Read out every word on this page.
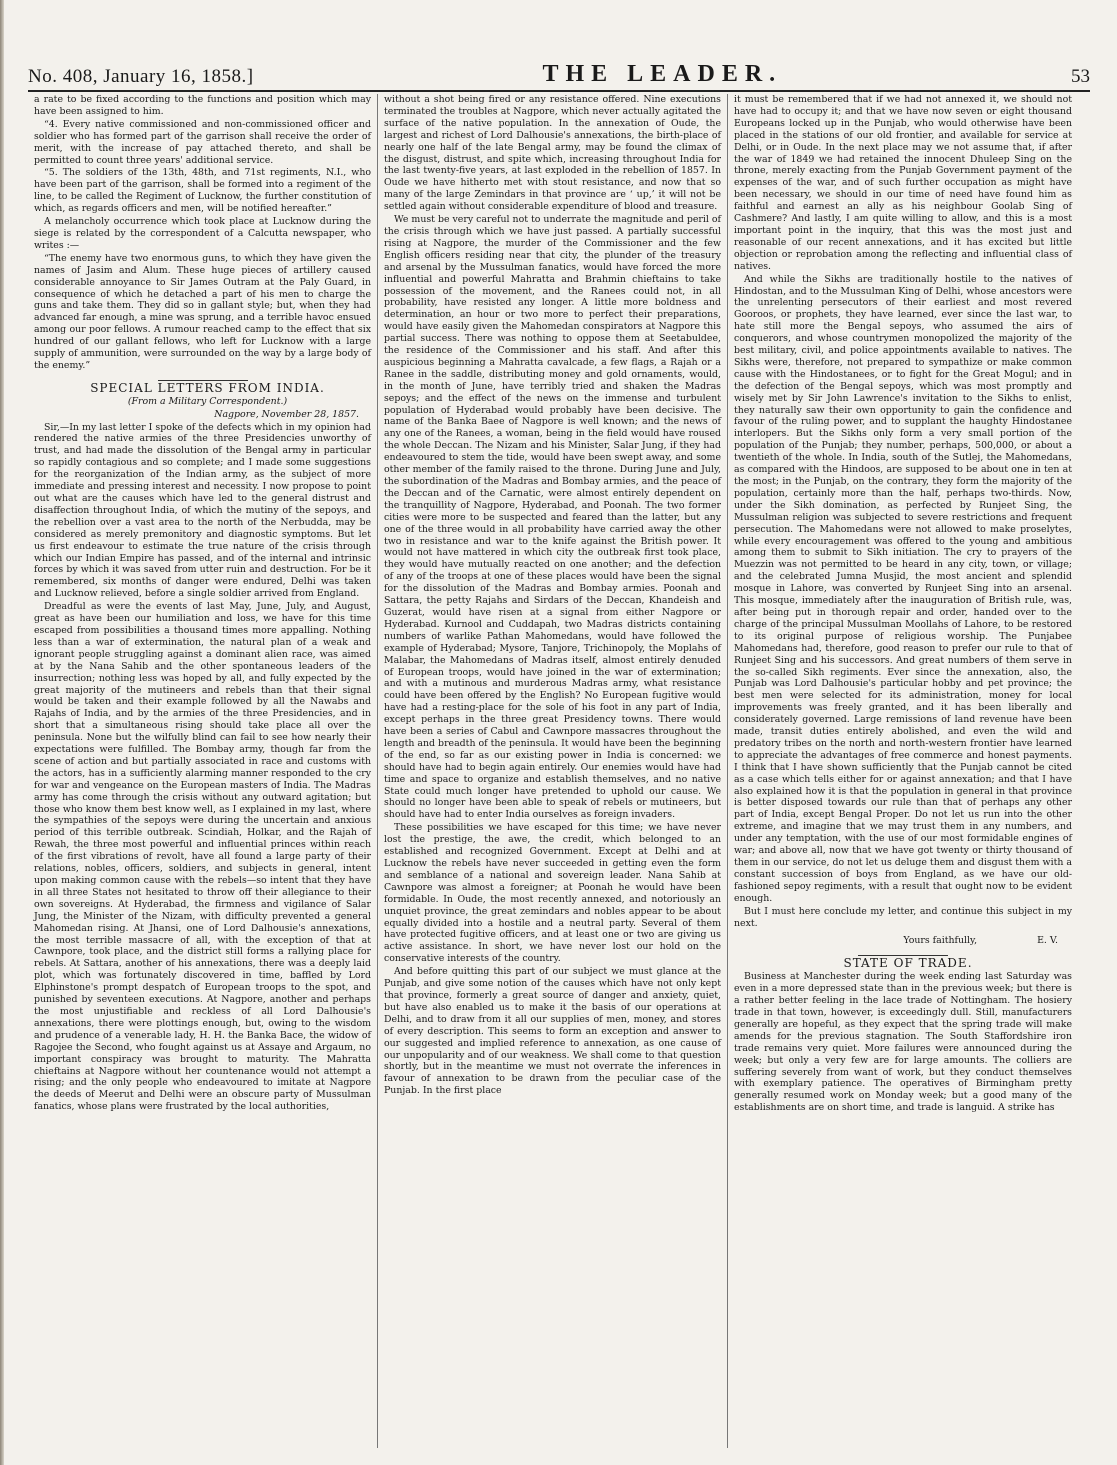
No. 408, January 16, 1858.]	THE LEADER.	53

a rate to be fixed according to the functions and position which may have been assigned to him.

“4. Every native commissioned and non-commissioned officer and soldier who has formed part of the garrison shall receive the order of merit, with the increase of pay attached thereto, and shall be permitted to count three years' additional service.

“5. The soldiers of the 13th, 48th, and 71st regiments, N.I., who have been part of the garrison, shall be formed into a regiment of the line, to be called the Regiment of Lucknow, the further constitution of which, as regards officers and men, will be notified hereafter.”

A melancholy occurrence which took place at Lucknow during the siege is related by the correspondent of a Calcutta newspaper, who writes :—

“The enemy have two enormous guns, to which they have given the names of Jasim and Alum. These huge pieces of artillery caused considerable annoyance to Sir James Outram at the Paly Guard, in consequence of which he detached a part of his men to charge the guns and take them. They did so in gallant style; but, when they had advanced far enough, a mine was sprung, and a terrible havoc ensued among our poor fellows. A rumour reached camp to the effect that six hundred of our gallant fellows, who left for Lucknow with a large supply of ammunition, were surrounded on the way by a large body of the enemy.”

SPECIAL LETTERS FROM INDIA.

(From a Military Correspondent.)

Nagpore, November 28, 1857.

Sir,—In my last letter I spoke of the defects which in my opinion had rendered the native armies of the three Presidencies unworthy of trust, and had made the dissolution of the Bengal army in particular so rapidly contagious and so complete; and I made some suggestions for the reorganization of the Indian army, as the subject of more immediate and pressing interest and necessity. I now propose to point out what are the causes which have led to the general distrust and disaffection throughout India, of which the mutiny of the sepoys, and the rebellion over a vast area to the north of the Nerbudda, may be considered as merely premonitory and diagnostic symptoms. But let us first endeavour to estimate the true nature of the crisis through which our Indian Empire has passed, and of the internal and intrinsic forces by which it was saved from utter ruin and destruction. For be it remembered, six months of danger were endured, Delhi was taken and Lucknow relieved, before a single soldier arrived from England.

Dreadful as were the events of last May, June, July, and August, great as have been our humiliation and loss, we have for this time escaped from possibilities a thousand times more appalling. Nothing less than a war of extermination, the natural plan of a weak and ignorant people struggling against a dominant alien race, was aimed at by the Nana Sahib and the other spontaneous leaders of the insurrection; nothing less was hoped by all, and fully expected by the great majority of the mutineers and rebels than that their signal would be taken and their example followed by all the Nawabs and Rajahs of India, and by the armies of the three Presidencies, and in short that a simultaneous rising should take place all over the peninsula. None but the wilfully blind can fail to see how nearly their expectations were fulfilled. The Bombay army, though far from the scene of action and but partially associated in race and customs with the actors, has in a sufficiently alarming manner responded to the cry for war and vengeance on the European masters of India. The Madras army has come through the crisis without any outward agitation; but those who know them best know well, as I explained in my last, where the sympathies of the sepoys were during the uncertain and anxious period of this terrible outbreak. Scindiah, Holkar, and the Rajah of Rewah, the three most powerful and influential princes within reach of the first vibrations of revolt, have all found a large party of their relations, nobles, officers, soldiers, and subjects in general, intent upon making common cause with the rebels—so intent that they have in all three States not hesitated to throw off their allegiance to their own sovereigns. At Hyderabad, the firmness and vigilance of Salar Jung, the Minister of the Nizam, with difficulty prevented a general Mahomedan rising. At Jhansi, one of Lord Dalhousie's annexations, the most terrible massacre of all, with the exception of that at Cawnpore, took place, and the district still forms a rallying place for rebels. At Sattara, another of his annexations, there was a deeply laid plot, which was fortunately discovered in time, baffled by Lord Elphinstone's prompt despatch of European troops to the spot, and punished by seventeen executions. At Nagpore, another and perhaps the most unjustifiable and reckless of all Lord Dalhousie's annexations, there were plottings enough, but, owing to the wisdom and prudence of a venerable lady, H. H. the Banka Bace, the widow of Ragojee the Second, who fought against us at Assaye and Argaum, no important conspiracy was brought to maturity. The Mahratta chieftains at Nagpore without her countenance would not attempt a rising; and the only people who endeavoured to imitate at Nagpore the deeds of Meerut and Delhi were an obscure party of Mussulman fanatics, whose plans were frustrated by the local authorities,

without a shot being fired or any resistance offered. Nine executions terminated the troubles at Nagpore, which never actually agitated the surface of the native population. In the annexation of Oude, the largest and richest of Lord Dalhousie's annexations, the birth-place of nearly one half of the late Bengal army, may be found the climax of the disgust, distrust, and spite which, increasing throughout India for the last twenty-five years, at last exploded in the rebellion of 1857. In Oude we have hitherto met with stout resistance, and now that so many of the large Zemindars in that province are ‘ up,’ it will not be settled again without considerable expenditure of blood and treasure.

We must be very careful not to underrate the magnitude and peril of the crisis through which we have just passed. A partially successful rising at Nagpore, the murder of the Commissioner and the few English officers residing near that city, the plunder of the treasury and arsenal by the Mussulman fanatics, would have forced the more influential and powerful Mahratta and Brahmin chieftains to take possession of the movement, and the Ranees could not, in all probability, have resisted any longer. A little more boldness and determination, an hour or two more to perfect their preparations, would have easily given the Mahomedan conspirators at Nagpore this partial success. There was nothing to oppose them at Seetabuldee, the residence of the Commissioner and his staff. And after this auspicious beginning a Mahratta cavalcade, a few flags, a Rajah or a Ranee in the saddle, distributing money and gold ornaments, would, in the month of June, have terribly tried and shaken the Madras sepoys; and the effect of the news on the immense and turbulent population of Hyderabad would probably have been decisive. The name of the Banka Baee of Nagpore is well known; and the news of any one of the Ranees, a woman, being in the field would have roused the whole Deccan. The Nizam and his Minister, Salar Jung, if they had endeavoured to stem the tide, would have been swept away, and some other member of the family raised to the throne. During June and July, the subordination of the Madras and Bombay armies, and the peace of the Deccan and of the Carnatic, were almost entirely dependent on the tranquillity of Nagpore, Hyderabad, and Poonah. The two former cities were more to be suspected and feared than the latter, but any one of the three would in all probability have carried away the other two in resistance and war to the knife against the British power. It would not have mattered in which city the outbreak first took place, they would have mutually reacted on one another; and the defection of any of the troops at one of these places would have been the signal for the dissolution of the Madras and Bombay armies. Poonah and Sattara, the petty Rajahs and Sirdars of the Deccan, Khandeish and Guzerat, would have risen at a signal from either Nagpore or Hyderabad. Kurnool and Cuddapah, two Madras districts containing numbers of warlike Pathan Mahomedans, would have followed the example of Hyderabad; Mysore, Tanjore, Trichinopoly, the Moplahs of Malabar, the Mahomedans of Madras itself, almost entirely denuded of European troops, would have joined in the war of extermination; and with a mutinous and murderous Madras army, what resistance could have been offered by the English? No European fugitive would have had a resting-place for the sole of his foot in any part of India, except perhaps in the three great Presidency towns. There would have been a series of Cabul and Cawnpore massacres throughout the length and breadth of the peninsula. It would have been the beginning of the end, so far as our existing power in India is concerned: we should have had to begin again entirely. Our enemies would have had time and space to organize and establish themselves, and no native State could much longer have pretended to uphold our cause. We should no longer have been able to speak of rebels or mutineers, but should have had to enter India ourselves as foreign invaders.

These possibilities we have escaped for this time; we have never lost the prestige, the awe, the credit, which belonged to an established and recognized Government. Except at Delhi and at Lucknow the rebels have never succeeded in getting even the form and semblance of a national and sovereign leader. Nana Sahib at Cawnpore was almost a foreigner; at Poonah he would have been formidable. In Oude, the most recently annexed, and notoriously an unquiet province, the great zemindars and nobles appear to be about equally divided into a hostile and a neutral party. Several of them have protected fugitive officers, and at least one or two are giving us active assistance. In short, we have never lost our hold on the conservative interests of the country.

And before quitting this part of our subject we must glance at the Punjab, and give some notion of the causes which have not only kept that province, formerly a great source of danger and anxiety, quiet, but have also enabled us to make it the basis of our operations at Delhi, and to draw from it all our supplies of men, money, and stores of every description. This seems to form an exception and answer to our suggested and implied reference to annexation, as one cause of our unpopularity and of our weakness. We shall come to that question shortly, but in the meantime we must not overrate the inferences in favour of annexation to be drawn from the peculiar case of the Punjab. In the first place

it must be remembered that if we had not annexed it, we should not have had to occupy it; and that we have now seven or eight thousand Europeans locked up in the Punjab, who would otherwise have been placed in the stations of our old frontier, and available for service at Delhi, or in Oude. In the next place may we not assume that, if after the war of 1849 we had retained the innocent Dhuleep Sing on the throne, merely exacting from the Punjab Government payment of the expenses of the war, and of such further occupation as might have been necessary, we should in our time of need have found him as faithful and earnest an ally as his neighbour Goolab Sing of Cashmere? And lastly, I am quite willing to allow, and this is a most important point in the inquiry, that this was the most just and reasonable of our recent annexations, and it has excited but little objection or reprobation among the reflecting and influential class of natives.

And while the Sikhs are traditionally hostile to the natives of Hindostan, and to the Mussulman King of Delhi, whose ancestors were the unrelenting persecutors of their earliest and most revered Gooroos, or prophets, they have learned, ever since the last war, to hate still more the Bengal sepoys, who assumed the airs of conquerors, and whose countrymen monopolized the majority of the best military, civil, and police appointments available to natives. The Sikhs were, therefore, not prepared to sympathize or make common cause with the Hindostanees, or to fight for the Great Mogul; and in the defection of the Bengal sepoys, which was most promptly and wisely met by Sir John Lawrence's invitation to the Sikhs to enlist, they naturally saw their own opportunity to gain the confidence and favour of the ruling power, and to supplant the haughty Hindostanee interlopers. But the Sikhs only form a very small portion of the population of the Punjab; they number, perhaps, 500,000, or about a twentieth of the whole. In India, south of the Sutlej, the Mahomedans, as compared with the Hindoos, are supposed to be about one in ten at the most; in the Punjab, on the contrary, they form the majority of the population, certainly more than the half, perhaps two-thirds. Now, under the Sikh domination, as perfected by Runjeet Sing, the Mussulman religion was subjected to severe restrictions and frequent persecution. The Mahomedans were not allowed to make proselytes, while every encouragement was offered to the young and ambitious among them to submit to Sikh initiation. The cry to prayers of the Muezzin was not permitted to be heard in any city, town, or village; and the celebrated Jumna Musjid, the most ancient and splendid mosque in Lahore, was converted by Runjeet Sing into an arsenal. This mosque, immediately after the inauguration of British rule, was, after being put in thorough repair and order, handed over to the charge of the principal Mussulman Moollahs of Lahore, to be restored to its original purpose of religious worship. The Punjabee Mahomedans had, therefore, good reason to prefer our rule to that of Runjeet Sing and his successors. And great numbers of them serve in the so-called Sikh regiments. Ever since the annexation, also, the Punjab was Lord Dalhousie's particular hobby and pet province; the best men were selected for its administration, money for local improvements was freely granted, and it has been liberally and considerately governed. Large remissions of land revenue have been made, transit duties entirely abolished, and even the wild and predatory tribes on the north and north-western frontier have learned to appreciate the advantages of free commerce and honest payments. I think that I have shown sufficiently that the Punjab cannot be cited as a case which tells either for or against annexation; and that I have also explained how it is that the population in general in that province is better disposed towards our rule than that of perhaps any other part of India, except Bengal Proper. Do not let us run into the other extreme, and imagine that we may trust them in any numbers, and under any temptation, with the use of our most formidable engines of war; and above all, now that we have got twenty or thirty thousand of them in our service, do not let us deluge them and disgust them with a constant succession of boys from England, as we have our old-fashioned sepoy regiments, with a result that ought now to be evident enough.

But I must here conclude my letter, and continue this subject in my next.

Yours faithfully,	E. V.

STATE OF TRADE.

Business at Manchester during the week ending last Saturday was even in a more depressed state than in the previous week; but there is a rather better feeling in the lace trade of Nottingham. The hosiery trade in that town, however, is exceedingly dull. Still, manufacturers generally are hopeful, as they expect that the spring trade will make amends for the previous stagnation. The South Staffordshire iron trade remains very quiet. More failures were announced during the week; but only a very few are for large amounts. The colliers are suffering severely from want of work, but they conduct themselves with exemplary patience. The operatives of Birmingham pretty generally resumed work on Monday week; but a good many of the establishments are on short time, and trade is languid. A strike has
